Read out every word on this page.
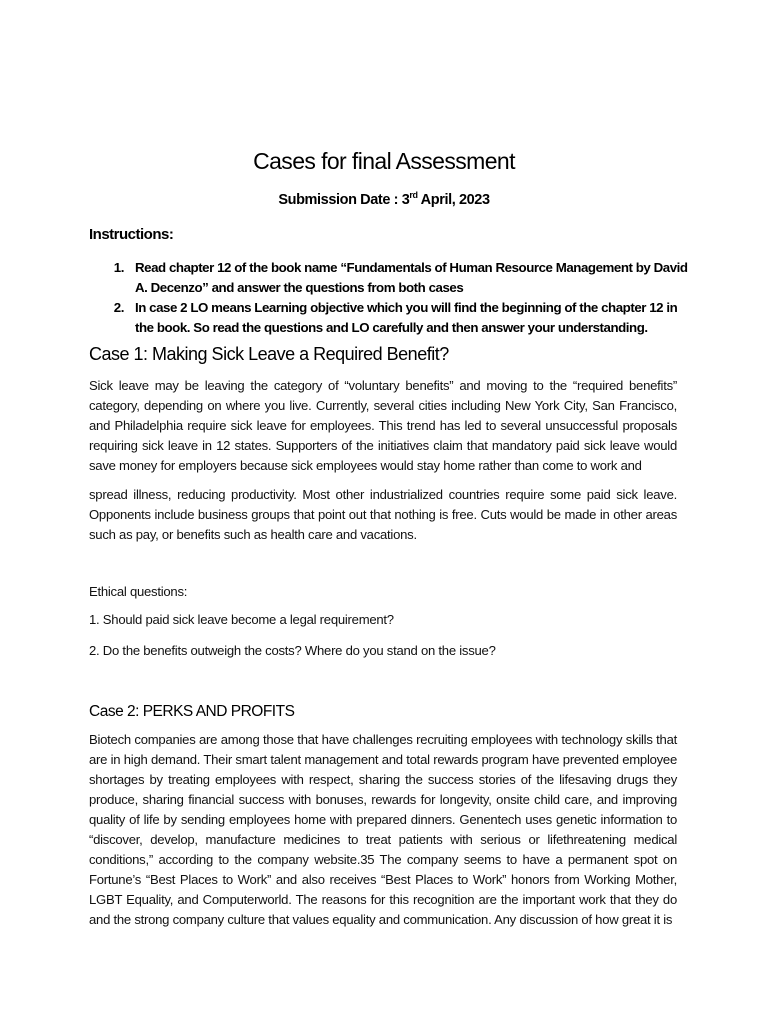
Cases for final Assessment
Submission Date : 3rd April, 2023
Instructions:
1. Read chapter 12 of the book name “Fundamentals of Human Resource Management by David A. Decenzo” and answer the questions from both cases
2. In case 2 LO means Learning objective which you will find the beginning of the chapter 12 in the book. So read the questions and LO carefully and then answer your understanding.
Case 1: Making Sick Leave a Required Benefit?
Sick leave may be leaving the category of “voluntary benefits” and moving to the “required benefits” category, depending on where you live. Currently, several cities including New York City, San Francisco, and Philadelphia require sick leave for employees. This trend has led to several unsuccessful proposals requiring sick leave in 12 states. Supporters of the initiatives claim that mandatory paid sick leave would save money for employers because sick employees would stay home rather than come to work and
spread illness, reducing productivity. Most other industrialized countries require some paid sick leave. Opponents include business groups that point out that nothing is free. Cuts would be made in other areas such as pay, or benefits such as health care and vacations.
Ethical questions:
1. Should paid sick leave become a legal requirement?
2. Do the benefits outweigh the costs? Where do you stand on the issue?
Case 2: PERKS AND PROFITS
Biotech companies are among those that have challenges recruiting employees with technology skills that are in high demand. Their smart talent management and total rewards program have prevented employee shortages by treating employees with respect, sharing the success stories of the lifesaving drugs they produce, sharing financial success with bonuses, rewards for longevity, onsite child care, and improving quality of life by sending employees home with prepared dinners. Genentech uses genetic information to “discover, develop, manufacture medicines to treat patients with serious or lifethreatening medical conditions,” according to the company website.35 The company seems to have a permanent spot on Fortune’s “Best Places to Work” and also receives “Best Places to Work” honors from Working Mother, LGBT Equality, and Computerworld. The reasons for this recognition are the important work that they do and the strong company culture that values equality and communication. Any discussion of how great it is
